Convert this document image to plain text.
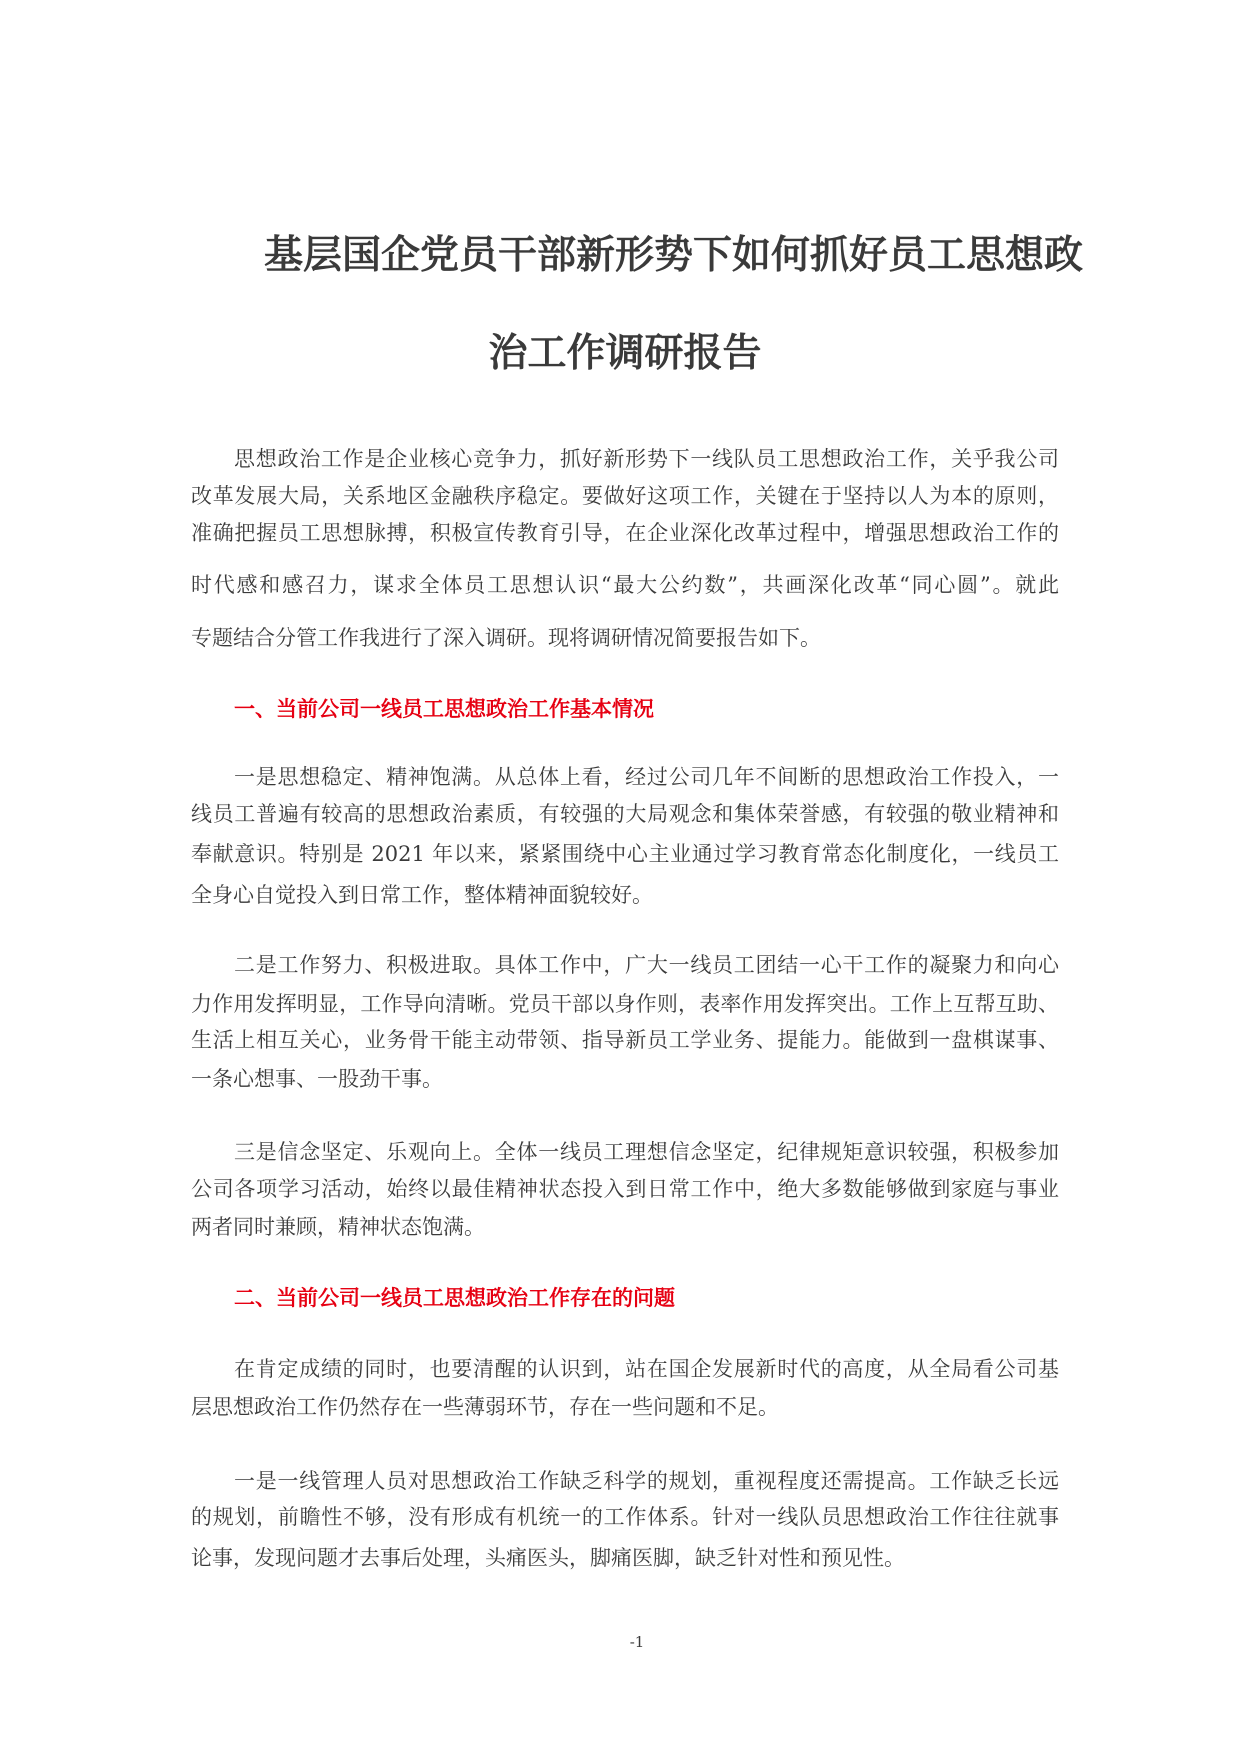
基层国企党员干部新形势下如何抓好员工思想政
治工作调研报告
思想政治工作是企业核心竞争力，抓好新形势下一线队员工思想政治工作，关乎我公司
改革发展大局，关系地区金融秩序稳定。要做好这项工作，关键在于坚持以人为本的原则，
准确把握员工思想脉搏，积极宣传教育引导，在企业深化改革过程中，增强思想政治工作的
时代感和感召力，谋求全体员工思想认识“最大公约数”，共画深化改革“同心圆”。就此
专题结合分管工作我进行了深入调研。现将调研情况简要报告如下。
一、当前公司一线员工思想政治工作基本情况
一是思想稳定、精神饱满。从总体上看，经过公司几年不间断的思想政治工作投入，一
线员工普遍有较高的思想政治素质，有较强的大局观念和集体荣誉感，有较强的敬业精神和
奉献意识。特别是 2021 年以来，紧紧围绕中心主业通过学习教育常态化制度化，一线员工
全身心自觉投入到日常工作，整体精神面貌较好。
二是工作努力、积极进取。具体工作中，广大一线员工团结一心干工作的凝聚力和向心
力作用发挥明显，工作导向清晰。党员干部以身作则，表率作用发挥突出。工作上互帮互助、
生活上相互关心，业务骨干能主动带领、指导新员工学业务、提能力。能做到一盘棋谋事、
一条心想事、一股劲干事。
三是信念坚定、乐观向上。全体一线员工理想信念坚定，纪律规矩意识较强，积极参加
公司各项学习活动，始终以最佳精神状态投入到日常工作中，绝大多数能够做到家庭与事业
两者同时兼顾，精神状态饱满。
二、当前公司一线员工思想政治工作存在的问题
在肯定成绩的同时，也要清醒的认识到，站在国企发展新时代的高度，从全局看公司基
层思想政治工作仍然存在一些薄弱环节，存在一些问题和不足。
一是一线管理人员对思想政治工作缺乏科学的规划，重视程度还需提高。工作缺乏长远
的规划，前瞻性不够，没有形成有机统一的工作体系。针对一线队员思想政治工作往往就事
论事，发现问题才去事后处理，头痛医头，脚痛医脚，缺乏针对性和预见性。
-1
